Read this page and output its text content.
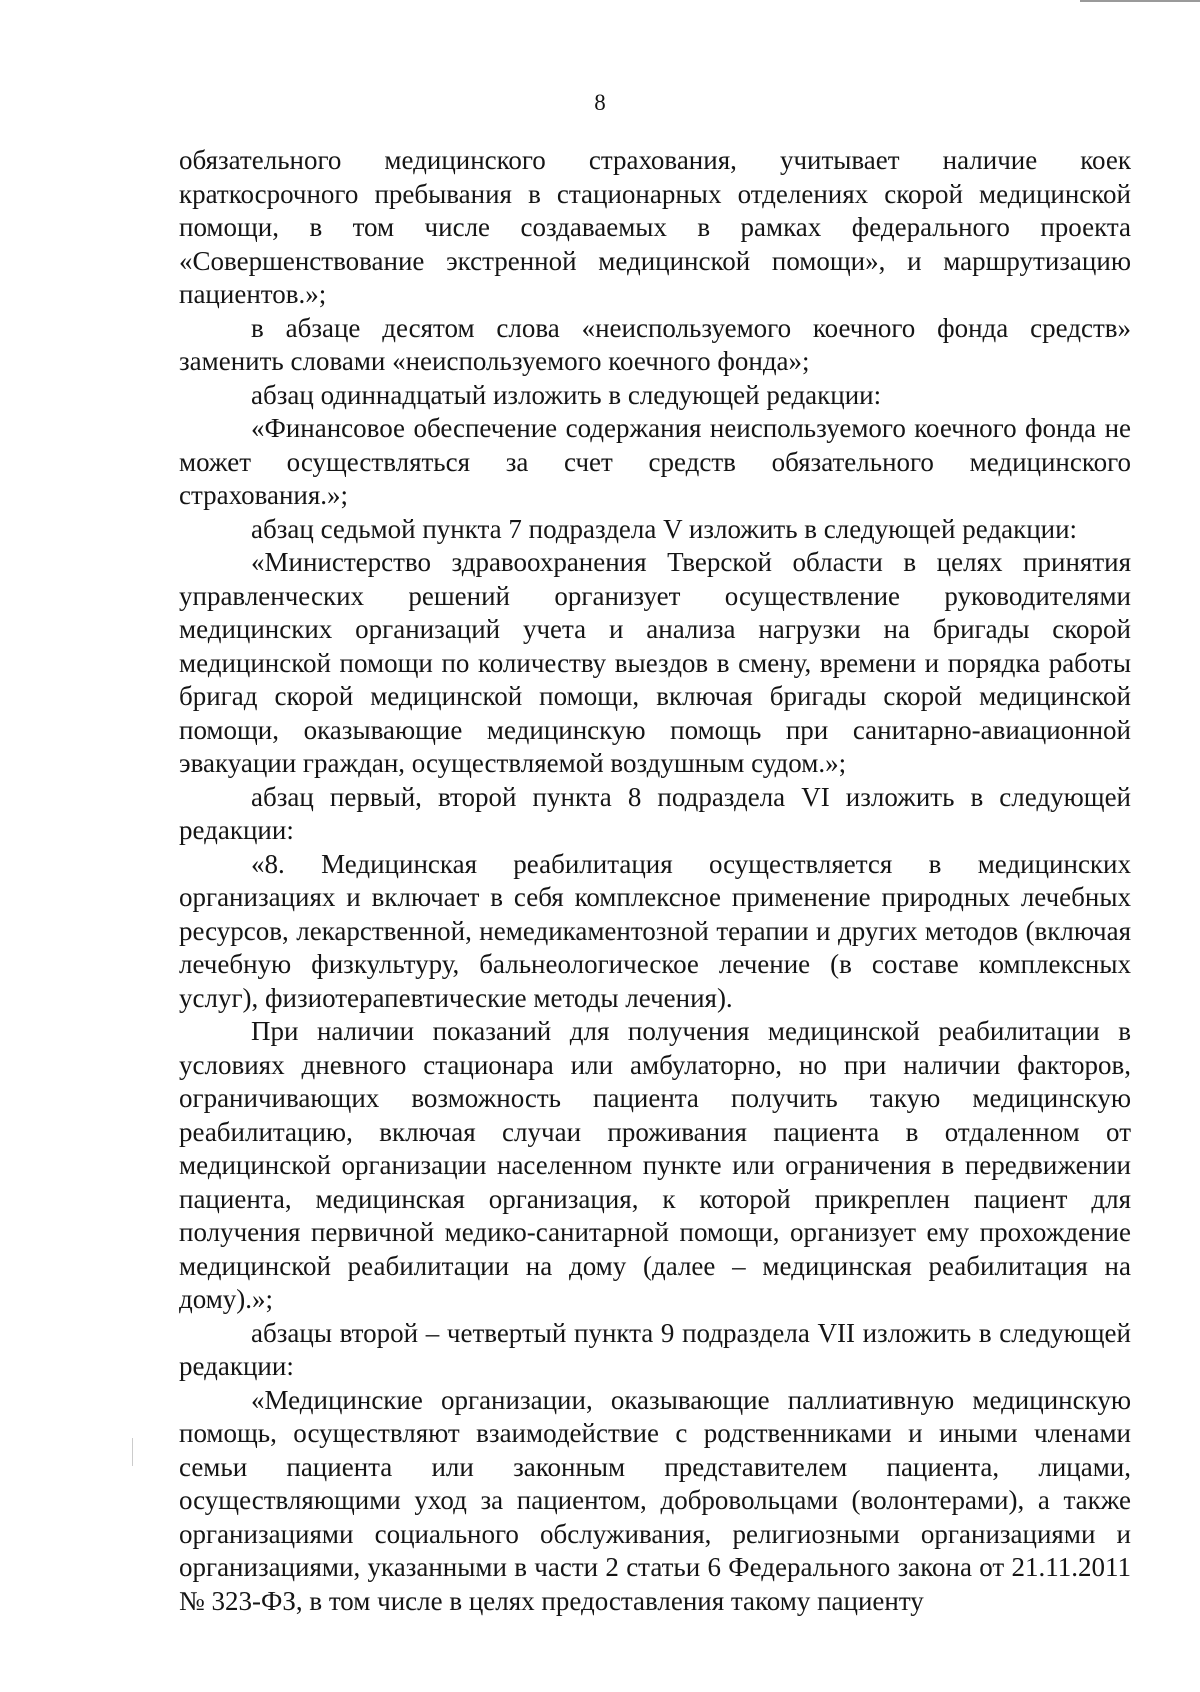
8

обязательного медицинского страхования, учитывает наличие коек краткосрочного пребывания в стационарных отделениях скорой медицинской помощи, в том числе создаваемых в рамках федерального проекта «Совершенствование экстренной медицинской помощи», и маршрутизацию пациентов.»;

в абзаце десятом слова «неиспользуемого коечного фонда средств» заменить словами «неиспользуемого коечного фонда»;

абзац одиннадцатый изложить в следующей редакции:

«Финансовое обеспечение содержания неиспользуемого коечного фонда не может осуществляться за счет средств обязательного медицинского страхования.»;

абзац седьмой пункта 7 подраздела V изложить в следующей редакции:

«Министерство здравоохранения Тверской области в целях принятия управленческих решений организует осуществление руководителями медицинских организаций учета и анализа нагрузки на бригады скорой медицинской помощи по количеству выездов в смену, времени и порядка работы бригад скорой медицинской помощи, включая бригады скорой медицинской помощи, оказывающие медицинскую помощь при санитарно-авиационной эвакуации граждан, осуществляемой воздушным судом.»;

абзац первый, второй пункта 8 подраздела VI изложить в следующей редакции:

«8. Медицинская реабилитация осуществляется в медицинских организациях и включает в себя комплексное применение природных лечебных ресурсов, лекарственной, немедикаментозной терапии и других методов (включая лечебную физкультуру, бальнеологическое лечение (в составе комплексных услуг), физиотерапевтические методы лечения).

При наличии показаний для получения медицинской реабилитации в условиях дневного стационара или амбулаторно, но при наличии факторов, ограничивающих возможность пациента получить такую медицинскую реабилитацию, включая случаи проживания пациента в отдаленном от медицинской организации населенном пункте или ограничения в передвижении пациента, медицинская организация, к которой прикреплен пациент для получения первичной медико-санитарной помощи, организует ему прохождение медицинской реабилитации на дому (далее – медицинская реабилитация на дому).»;

абзацы второй – четвертый пункта 9 подраздела VII изложить в следующей редакции:

«Медицинские организации, оказывающие паллиативную медицинскую помощь, осуществляют взаимодействие с родственниками и иными членами семьи пациента или законным представителем пациента, лицами, осуществляющими уход за пациентом, добровольцами (волонтерами), а также организациями социального обслуживания, религиозными организациями и организациями, указанными в части 2 статьи 6 Федерального закона от 21.11.2011 № 323-ФЗ, в том числе в целях предоставления такому пациенту
